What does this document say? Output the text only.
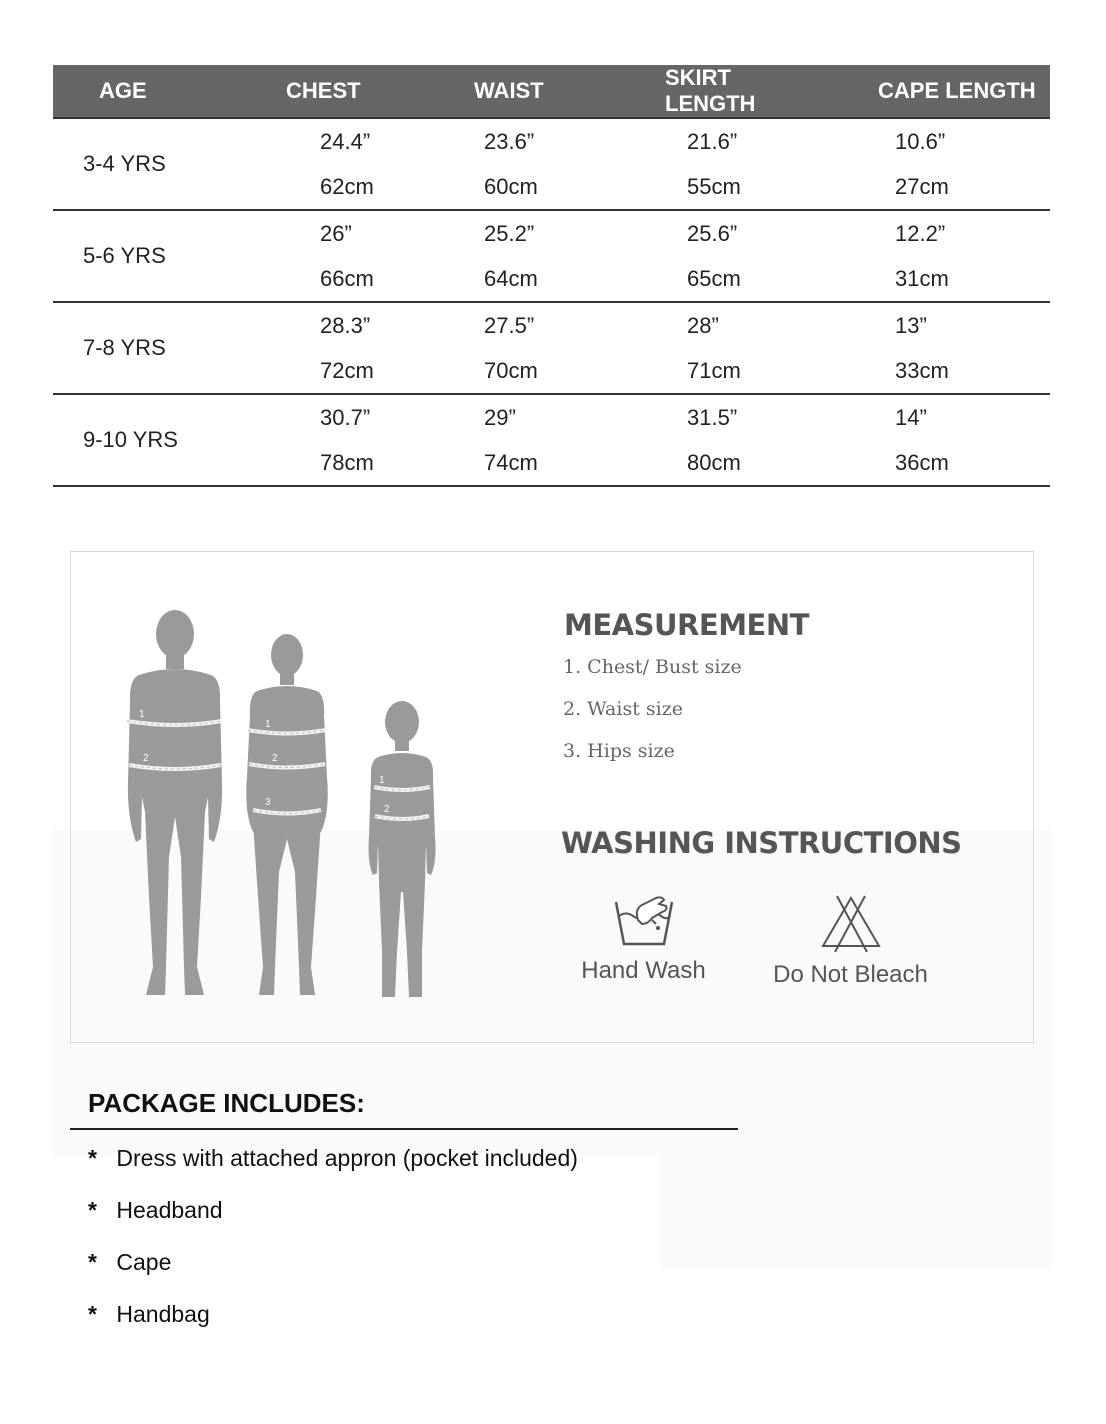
AGE	CHEST	WAIST	SKIRT LENGTH	CAPE LENGTH
3-4 YRS	24.4”	23.6”	21.6”	10.6”
	62cm	60cm	55cm	27cm
5-6 YRS	26”	25.2”	25.6”	12.2”
	66cm	64cm	65cm	31cm
7-8 YRS	28.3”	27.5”	28”	13”
	72cm	70cm	71cm	33cm
9-10 YRS	30.7”	29”	31.5”	14”
	78cm	74cm	80cm	36cm
1
2
1
2
3
1
2
MEASUREMENT
1. Chest/ Bust size
2. Waist size
3. Hips size
WASHING INSTRUCTIONS
Hand Wash	Do Not Bleach
PACKAGE INCLUDES:
* Dress with attached appron (pocket included)
* Headband
* Cape
* Handbag
